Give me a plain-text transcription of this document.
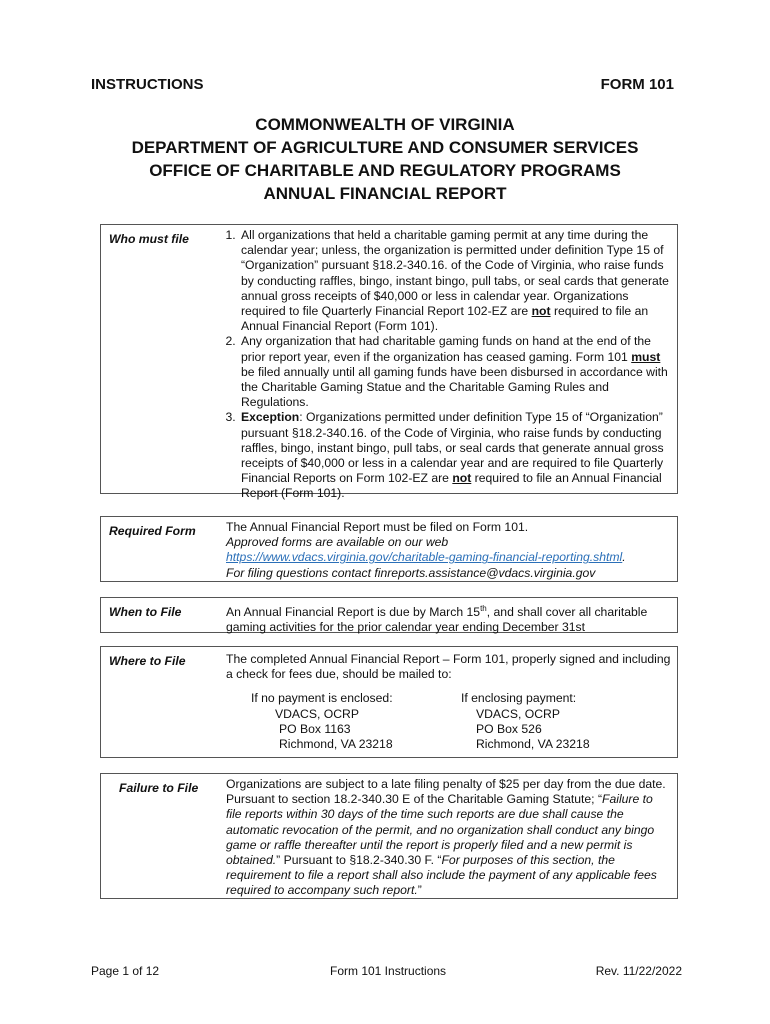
INSTRUCTIONS	FORM 101
COMMONWEALTH OF VIRGINIA
DEPARTMENT OF AGRICULTURE AND CONSUMER SERVICES
OFFICE OF CHARITABLE AND REGULATORY PROGRAMS
ANNUAL FINANCIAL REPORT
Who must file
1.	All organizations that held a charitable gaming permit at any time during the calendar year; unless, the organization is permitted under definition Type 15 of “Organization” pursuant §18.2-340.16. of the Code of Virginia, who raise funds by conducting raffles, bingo, instant bingo, pull tabs, or seal cards that generate annual gross receipts of $40,000 or less in calendar year. Organizations required to file Quarterly Financial Report 102-EZ are not required to file an Annual Financial Report (Form 101).
2. Any organization that had charitable gaming funds on hand at the end of the prior report year, even if the organization has ceased gaming. Form 101 must be filed annually until all gaming funds have been disbursed in accordance with the Charitable Gaming Statue and the Charitable Gaming Rules and Regulations.
3. Exception: Organizations permitted under definition Type 15 of “Organization” pursuant §18.2-340.16. of the Code of Virginia, who raise funds by conducting raffles, bingo, instant bingo, pull tabs, or seal cards that generate annual gross receipts of $40,000 or less in a calendar year and are required to file Quarterly Financial Reports on Form 102-EZ are not required to file an Annual Financial Report (Form 101).
Required Form The Annual Financial Report must be filed on Form 101.
Approved forms are available on our web
https://www.vdacs.virginia.gov/charitable-gaming-financial-reporting.shtml.
For filing questions contact finreports.assistance@vdacs.virginia.gov
When to File	An Annual Financial Report is due by March 15th, and shall cover all charitable gaming activities for the prior calendar year ending December 31st
Where to File	The completed Annual Financial Report – Form 101, properly signed and including a check for fees due, should be mailed to:
If no payment is enclosed:
VDACS, OCRP
PO Box 1163
Richmond, VA 23218
If enclosing payment:
VDACS, OCRP
PO Box 526
Richmond, VA 23218
Failure to File Organizations are subject to a late filing penalty of $25 per day from the due date. Pursuant to section 18.2-340.30 E of the Charitable Gaming Statute; “Failure to file reports within 30 days of the time such reports are due shall cause the automatic revocation of the permit, and no organization shall conduct any bingo game or raffle thereafter until the report is properly filed and a new permit is obtained.” Pursuant to §18.2-340.30 F. “For purposes of this section, the requirement to file a report shall also include the payment of any applicable fees required to accompany such report.”
Page 1 of 12	Form 101 Instructions	Rev. 11/22/2022
